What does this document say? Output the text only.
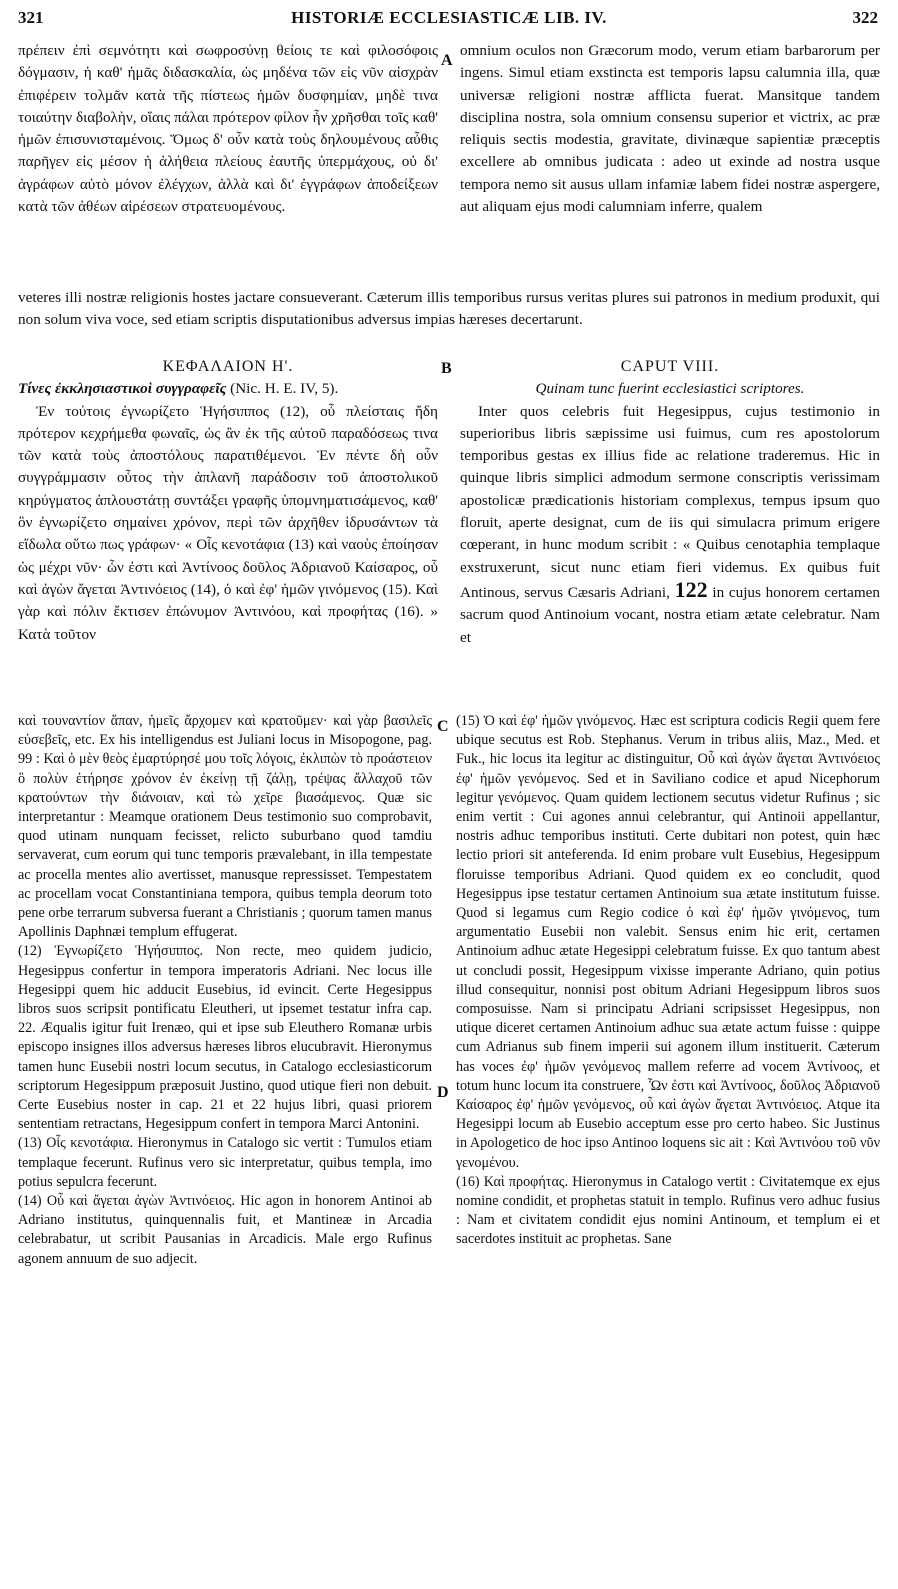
321	HISTORIÆ ECCLESIASTICÆ LIB. IV.	322

πρέπειν ἐπὶ σεμνότητι καὶ σωφροσύνῃ θείοις τε καὶ φιλοσόφοις δόγμασιν, ἡ καθ' ἡμᾶς διδασκαλία, ὡς μηδένα τῶν εἰς νῦν αἰσχρὰν ἐπιφέρειν τολμᾶν κατὰ τῆς πίστεως ἡμῶν δυσφημίαν, μηδὲ τινα τοιαύτην διαβολὴν, οἵαις πάλαι πρότερον φίλον ἦν χρῆσθαι τοῖς καθ' ἡμῶν ἐπισυνισταμένοις. Ὅμως δ' οὖν κατὰ τοὺς δηλουμένους αὖθις παρῆγεν εἰς μέσον ἡ ἀλήθεια πλείους ἑαυτῆς ὑπερμάχους, οὐ δι' ἀγράφων αὐτὸ μόνον ἐλέγχων, ἀλλὰ καὶ δι' ἐγγράφων ἀποδείξεων κατὰ τῶν ἀθέων αἱρέσεων στρατευομένους.

A

omnium oculos non Græcorum modo, verum etiam barbarorum per ingens. Simul etiam exstincta est temporis lapsu calumnia illa, quæ universæ religioni nostræ afflicta fuerat. Mansitque tandem disciplina nostra, sola omnium consensu superior et victrix, ac præ reliquis sectis modestia, gravitate, divinæque sapientiæ præceptis excellere ab omnibus judicata : adeo ut exinde ad nostra usque tempora nemo sit ausus ullam infamiæ labem fidei nostræ aspergere, aut aliquam ejus modi calumniam inferre, qualem

veteres illi nostræ religionis hostes jactare consueverant. Cæterum illis temporibus rursus veritas plures sui patronos in medium produxit, qui non solum viva voce, sed etiam scriptis disputationibus adversus impias hæreses decertarunt.
B
ΚΕΦΑΛΑΙΟΝ Η'.

Τίνες ἐκκλησιαστικοὶ συγγραφεῖς (Nic. H. E. IV, 5).

Ἐν τούτοις ἐγνωρίζετο Ἡγήσιππος (12), οὗ πλείσταις ἤδη πρότερον κεχρήμεθα φωναῖς, ὡς ἂν ἐκ τῆς αὐτοῦ παραδόσεως τινα τῶν κατὰ τοὺς ἀποστόλους παρατιθέμενοι. Ἐν πέντε δὴ οὖν συγγράμμασιν οὗτος τὴν ἀπλανῆ παράδοσιν τοῦ ἀποστολικοῦ κηρύγματος ἁπλουστάτῃ συντάξει γραφῆς ὑπομνηματισάμενος, καθ' ὃν ἐγνωρίζετο σημαίνει χρόνον, περὶ τῶν ἀρχῆθεν ἱδρυσάντων τὰ εἴδωλα οὕτω πως γράφων· « Οἷς κενοτάφια (13) καὶ ναοὺς ἐποίησαν ὡς μέχρι νῦν· ὧν ἐστι καὶ Ἀντίνοος δοῦλος Ἀδριανοῦ Καίσαρος, οὗ καὶ ἀγὼν ἄγεται Ἀντινόειος (14), ὁ καὶ ἐφ' ἡμῶν γινόμενος (15). Καὶ γὰρ καὶ πόλιν ἔκτισεν ἐπώνυμον Ἀντινόου, καὶ προφήτας (16). » Κατὰ τοῦτον

CAPUT VIII.
Quinam tunc fuerint ecclesiastici scriptores.

Inter quos celebris fuit Hegesippus, cujus testimonio in superioribus libris sæpissime usi fuimus, cum res apostolorum temporibus gestas ex illius fide ac relatione traderemus. Hic in quinque libris simplici admodum sermone conscriptis verissimam apostolicæ prædicationis historiam complexus, tempus ipsum quo floruit, aperte designat, cum de iis qui simulacra primum erigere cœperant, in hunc modum scribit : « Quibus cenotaphia templaque exstruxerunt, sicut nunc etiam fieri videmus. Ex quibus fuit Antinous, servus Cæsaris Adriani, 122 in cujus honorem certamen sacrum quod Antinoium vocant, nostra etiam ætate celebratur. Nam et

C
D

καὶ τουναντίον ἅπαν, ἡμεῖς ἄρχομεν καὶ κρατοῦμεν· καὶ γὰρ βασιλεῖς εὐσεβεῖς, etc. Ex his intelligendus est Juliani locus in Misopogone, pag. 99 : Καὶ ὁ μὲν θεὸς ἐμαρτύρησέ μου τοῖς λόγοις, ἐκλιπὼν τὸ προάστειον ὃ πολὺν ἐτήρησε χρόνον ἐν ἐκείνῃ τῇ ζάλῃ, τρέψας ἄλλαχοῦ τῶν κρατούντων τὴν διάνοιαν, καὶ τὼ χεῖρε βιασάμενος. Quæ sic interpretantur : Meamque orationem Deus testimonio suo comprobavit, quod utinam nunquam fecisset, relicto suburbano quod tamdiu servaverat, cum eorum qui tunc temporis prævalebant, in illa tempestate ac procella mentes alio avertisset, manusque repressisset. Tempestatem ac procellam vocat Constantiniana tempora, quibus templa deorum toto pene orbe terrarum subversa fuerant a Christianis ; quorum tamen manus Apollinis Daphnæi templum effugerat.

(12) Ἐγνωρίζετο Ἡγήσιππος. Non recte, meo quidem judicio, Hegesippus confertur in tempora imperatoris Adriani. Nec locus ille Hegesippi quem hic adducit Eusebius, id evincit. Certe Hegesippus libros suos scripsit pontificatu Eleutheri, ut ipsemet testatur infra cap. 22. Æqualis igitur fuit Irenæo, qui et ipse sub Eleuthero Romanæ urbis episcopo insignes illos adversus hæreses libros elucubravit. Hieronymus tamen hunc Eusebii nostri locum secutus, in Catalogo ecclesiasticorum scriptorum Hegesippum præposuit Justino, quod utique fieri non debuit. Certe Eusebius noster in cap. 21 et 22 hujus libri, quasi priorem sententiam retractans, Hegesippum confert in tempora Marci Antonini.

(13) Οἷς κενοτάφια. Hieronymus in Catalogo sic vertit : Tumulos etiam templaque fecerunt. Rufinus vero sic interpretatur, quibus templa, imo potius sepulcra fecerunt.

(14) Οὗ καὶ ἄγεται ἀγὼν Ἀντινόειος. Hic agon in honorem Antinoi ab Adriano institutus, quinquennalis fuit, et Mantineæ in Arcadia celebrabatur, ut scribit Pausanias in Arcadicis. Male ergo Rufinus agonem annuum de suo adjecit.

(15) Ὁ καὶ ἐφ' ἡμῶν γινόμενος. Hæc est scriptura codicis Regii quem fere ubique secutus est Rob. Stephanus. Verum in tribus aliis, Maz., Med. et Fuk., hic locus ita legitur ac distinguitur, Οὗ καὶ ἀγὼν ἄγεται Ἀντινόειος ἐφ' ἡμῶν γενόμενος. Sed et in Saviliano codice et apud Nicephorum legitur γενόμενος. Quam quidem lectionem secutus videtur Rufinus ; sic enim vertit : Cui agones annui celebrantur, qui Antinoii appellantur, nostris adhuc temporibus instituti. Certe dubitari non potest, quin hæc lectio priori sit anteferenda. Id enim probare vult Eusebius, Hegesippum floruisse temporibus Adriani. Quod quidem ex eo concludit, quod Hegesippus ipse testatur certamen Antinoium sua ætate institutum fuisse. Quod si legamus cum Regio codice ὁ καὶ ἐφ' ἡμῶν γινόμενος, tum argumentatio Eusebii non valebit. Sensus enim hic erit, certamen Antinoium adhuc ætate Hegesippi celebratum fuisse. Ex quo tantum abest ut concludi possit, Hegesippum vixisse imperante Adriano, quin potius illud consequitur, nonnisi post obitum Adriani Hegesippum libros suos composuisse. Nam si principatu Adriani scripsisset Hegesippus, non utique diceret certamen Antinoium adhuc sua ætate actum fuisse : quippe cum Adrianus sub finem imperii sui agonem illum instituerit. Cæterum has voces ἐφ' ἡμῶν γενόμενος mallem referre ad vocem Ἀντίνοος, et totum hunc locum ita construere, Ὧν ἐστι καὶ Ἀντίνοος, δοῦλος Ἀδριανοῦ Καίσαρος ἐφ' ἡμῶν γενόμενος, οὗ καὶ ἀγὼν ἄγεται Ἀντινόειος. Atque ita Hegesippi locum ab Eusebio acceptum esse pro certo habeo. Sic Justinus in Apologetico de hoc ipso Antinoo loquens sic ait : Καὶ Ἀντινόου τοῦ νῦν γενομένου.

(16) Καὶ προφήτας. Hieronymus in Catalogo vertit : Civitatemque ex ejus nomine condidit, et prophetas statuit in templo. Rufinus vero adhuc fusius : Nam et civitatem condidit ejus nomini Antinoum, et templum ei et sacerdotes instituit ac prophetas. Sane
